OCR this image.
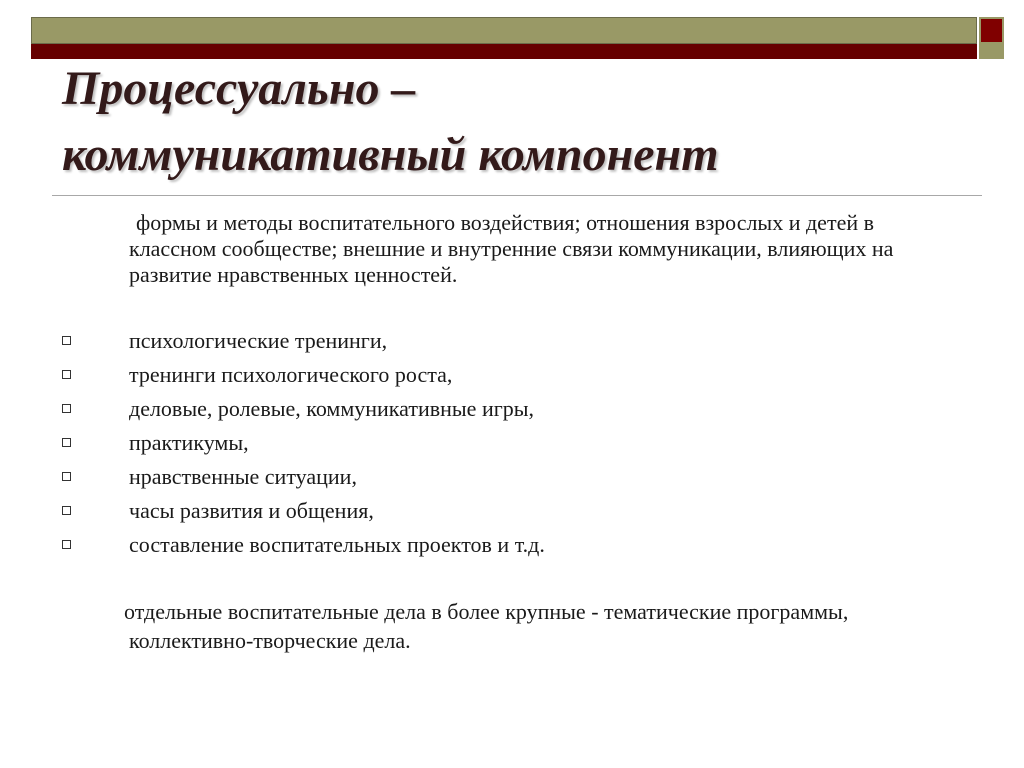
Процессуально –
коммуникативный компонент

формы и методы воспитательного воздействия; отношения взрослых и детей в классном сообществе; внешние и внутренние связи коммуникации, влияющих на развитие нравственных ценностей.

психологические тренинги,
тренинги психологического роста,
деловые, ролевые, коммуникативные игры,
практикумы,
нравственные ситуации,
часы развития и общения,
составление воспитательных проектов и т.д.

отдельные воспитательные дела в более крупные - тематические программы, коллективно-творческие дела.
